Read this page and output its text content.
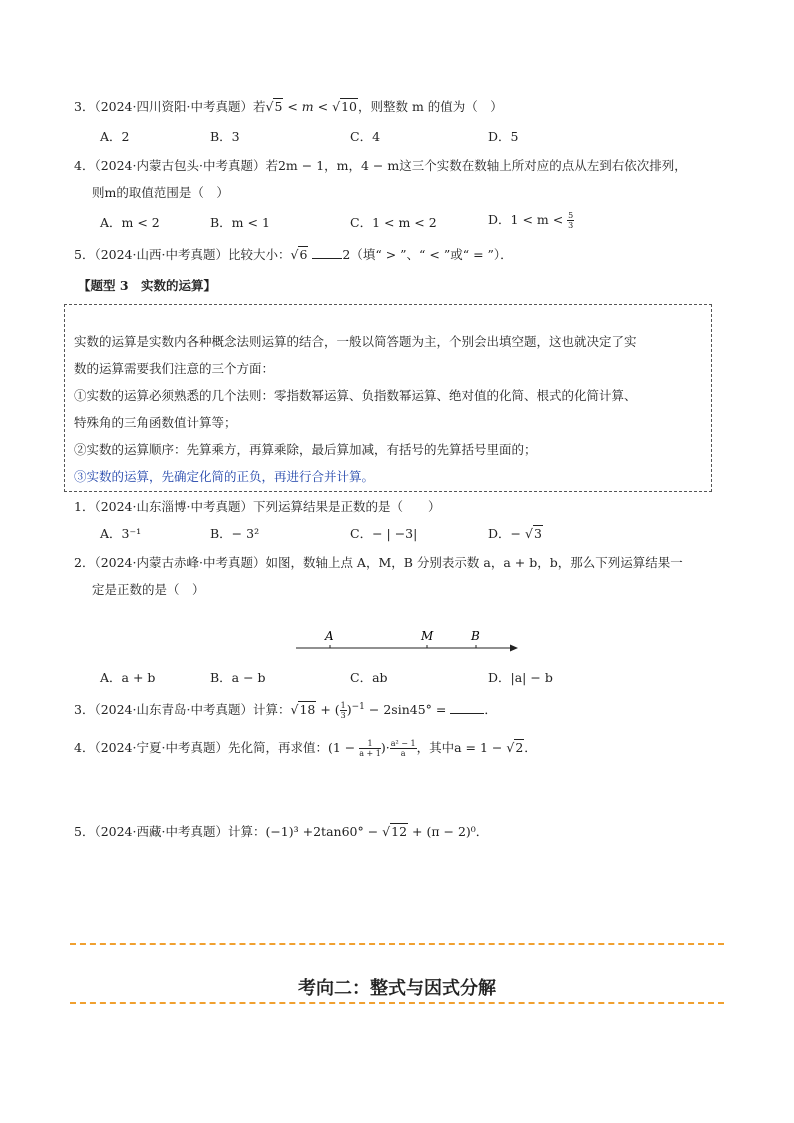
3．（2024·四川资阳·中考真题）若√5 < m < √10，则整数 m 的值为（　）
A．2	B．3	C．4	D．5
4．（2024·内蒙古包头·中考真题）若2m − 1，m，4 − m这三个实数在数轴上所对应的点从左到右依次排列，
则m的取值范围是（　）
A．m < 2	B．m < 1	C．1 < m < 2	D．$1 < m < \frac{5}{3}$
5．（2024·山西·中考真题）比较大小：√6	2（填“ > ”、“ < ”或“ = ”）．
【题型 3　实数的运算】
实数的运算是实数内各种概念法则运算的结合，一般以简答题为主，个别会出填空题，这也就决定了实
数的运算需要我们注意的三个方面：
①实数的运算必须熟悉的几个法则：零指数幂运算、负指数幂运算、绝对值的化简、根式的化简计算、
特殊角的三角函数值计算等；
②实数的运算顺序：先算乘方，再算乘除，最后算加减，有括号的先算括号里面的；
③实数的运算，先确定化简的正负，再进行合并计算。
1．（2024·山东淄博·中考真题）下列运算结果是正数的是（　　）
A．3⁻¹	B．− 3²	C．− | −3|	D．− √3
2．（2024·内蒙古赤峰·中考真题）如图，数轴上点 A，M，B 分别表示数 a，a + b，b，那么下列运算结果一
定是正数的是（　）
A	M	B
A．a + b	B．a − b	C．ab	D．|a| − b
3．（2024·山东青岛·中考真题）计算：√18 + ( $\frac{1}{3} )^{-1} - 2\sin 45^\circ$ =	．
4．（2024·宁夏·中考真题）先化简，再求值：($1 - \frac{1}{a + 1}$ )· $\frac{\text{a² − 1}}{a}$ ，其中a = 1 − √2．
5．（2024·西藏·中考真题）计算：(−1)³ +2tan60° − √12 + (π − 2)⁰．
考向二：整式与因式分解
